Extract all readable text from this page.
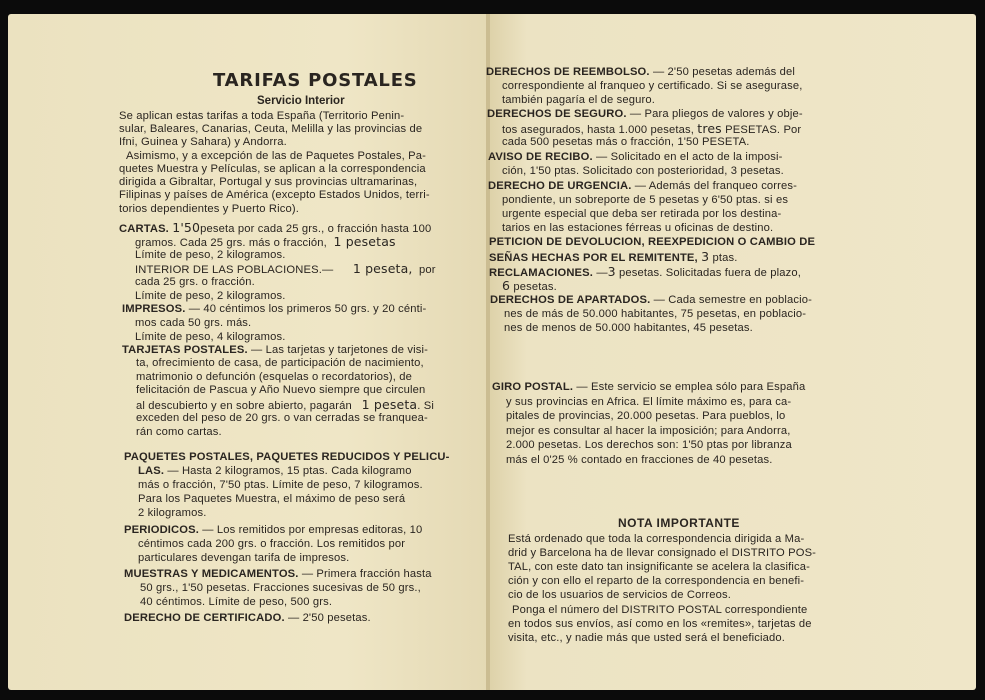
TARIFAS POSTALES
Servicio Interior
Se aplican estas tarifas a toda España (Territorio Penin-
sular, Baleares, Canarias, Ceuta, Melilla y las provincias de
Ifni, Guinea y Sahara) y Andorra.
Asimismo, y a excepción de las de Paquetes Postales, Pa-
quetes Muestra y Películas, se aplican a la correspondencia
dirigida a Gibraltar, Portugal y sus provincias ultramarinas,
Filipinas y países de América (excepto Estados Unidos, terri-
torios dependientes y Puerto Rico).
CARTAS. 1'50peseta por cada 25 grs., o fracción hasta 100
gramos. Cada 25 grs. más o fracción, 1 pesetas
Límite de peso, 2 kilogramos.
INTERIOR DE LAS POBLACIONES.— 1 peseta, por
cada 25 grs. o fracción.
Límite de peso, 2 kilogramos.
IMPRESOS. — 40 céntimos los primeros 50 grs. y 20 cénti-
mos cada 50 grs. más.
Límite de peso, 4 kilogramos.
TARJETAS POSTALES. — Las tarjetas y tarjetones de visi-
ta, ofrecimiento de casa, de participación de nacimiento,
matrimonio o defunción (esquelas o recordatorios), de
felicitación de Pascua y Año Nuevo siempre que circulen
al descubierto y en sobre abierto, pagarán 1 peseta. Si
exceden del peso de 20 grs. o van cerradas se franquea-
rán como cartas.
PAQUETES POSTALES, PAQUETES REDUCIDOS Y PELICU-
LAS. — Hasta 2 kilogramos, 15 ptas. Cada kilogramo
más o fracción, 7'50 ptas. Límite de peso, 7 kilogramos.
Para los Paquetes Muestra, el máximo de peso será
2 kilogramos.
PERIODICOS. — Los remitidos por empresas editoras, 10
céntimos cada 200 grs. o fracción. Los remitidos por
particulares devengan tarifa de impresos.
MUESTRAS Y MEDICAMENTOS. — Primera fracción hasta
50 grs., 1'50 pesetas. Fracciones sucesivas de 50 grs.,
40 céntimos. Límite de peso, 500 grs.
DERECHO DE CERTIFICADO. — 2'50 pesetas.
DERECHOS DE REEMBOLSO. — 2'50 pesetas además del
correspondiente al franqueo y certificado. Si se asegurase,
también pagaría el de seguro.
DERECHOS DE SEGURO. — Para pliegos de valores y obje-
tos asegurados, hasta 1.000 pesetas, tres PESETAS. Por
cada 500 pesetas más o fracción, 1'50 PESETA.
AVISO DE RECIBO. — Solicitado en el acto de la imposi-
ción, 1'50 ptas. Solicitado con posterioridad, 3 pesetas.
DERECHO DE URGENCIA. — Además del franqueo corres-
pondiente, un sobreporte de 5 pesetas y 6'50 ptas. si es
urgente especial que deba ser retirada por los destina-
tarios en las estaciones férreas u oficinas de destino.
PETICION DE DEVOLUCION, REEXPEDICION O CAMBIO DE
SEÑAS HECHAS POR EL REMITENTE, 3 ptas.
RECLAMACIONES. —3 pesetas. Solicitadas fuera de plazo,
6 pesetas.
DERECHOS DE APARTADOS. — Cada semestre en poblacio-
nes de más de 50.000 habitantes, 75 pesetas, en poblacio-
nes de menos de 50.000 habitantes, 45 pesetas.
GIRO POSTAL. — Este servicio se emplea sólo para España
y sus provincias en Africa. El límite máximo es, para ca-
pitales de provincias, 20.000 pesetas. Para pueblos, lo
mejor es consultar al hacer la imposición; para Andorra,
2.000 pesetas. Los derechos son: 1'50 ptas por libranza
más el 0'25 % contado en fracciones de 40 pesetas.
NOTA IMPORTANTE
Está ordenado que toda la correspondencia dirigida a Ma-
drid y Barcelona ha de llevar consignado el DISTRITO POS-
TAL, con este dato tan insignificante se acelera la clasifica-
ción y con ello el reparto de la correspondencia en benefi-
cio de los usuarios de servicios de Correos.
Ponga el número del DISTRITO POSTAL correspondiente
en todos sus envíos, así como en los «remites», tarjetas de
visita, etc., y nadie más que usted será el beneficiado.
